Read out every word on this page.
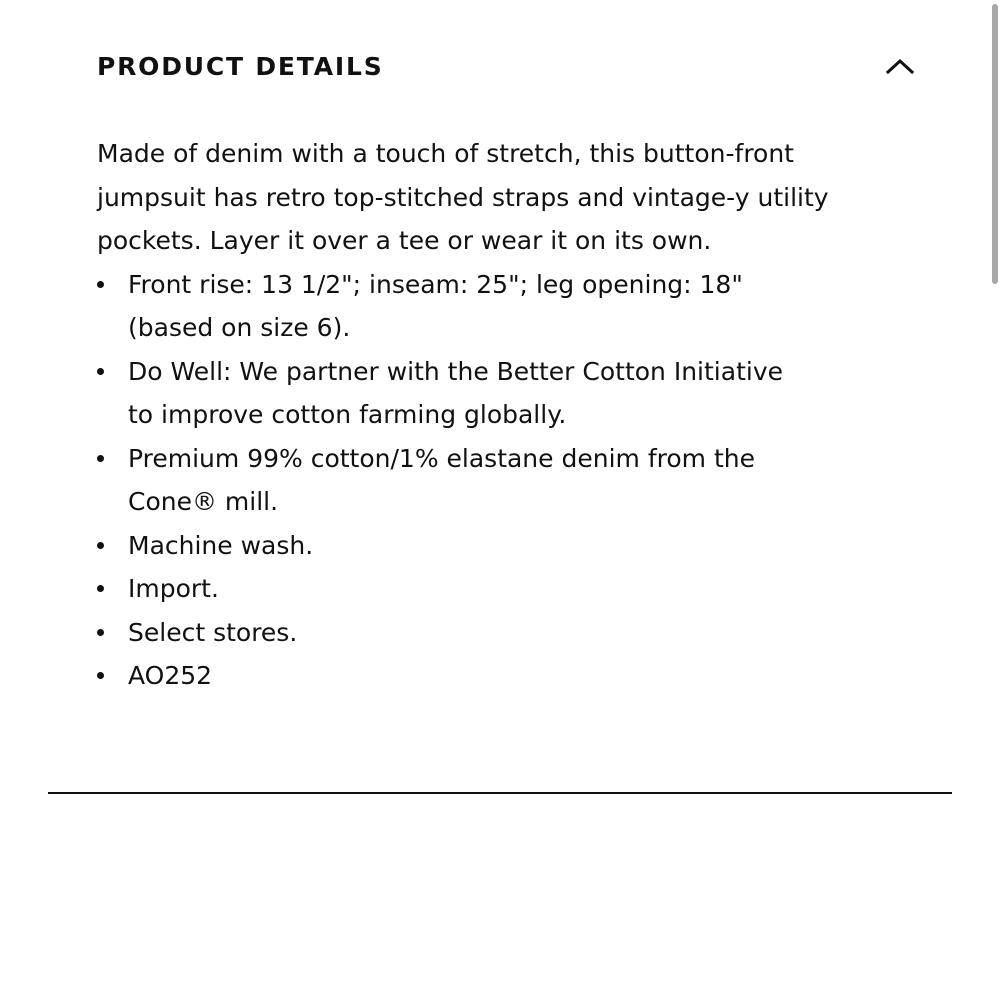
PRODUCT DETAILS

Made of denim with a touch of stretch, this button-front jumpsuit has retro top-stitched straps and vintage-y utility pockets. Layer it over a tee or wear it on its own.

Front rise: 13 1/2"; inseam: 25"; leg opening: 18" (based on size 6).
Do Well: We partner with the Better Cotton Initiative to improve cotton farming globally.
Premium 99% cotton/1% elastane denim from the Cone® mill.
Machine wash.
Import.
Select stores.
AO252
